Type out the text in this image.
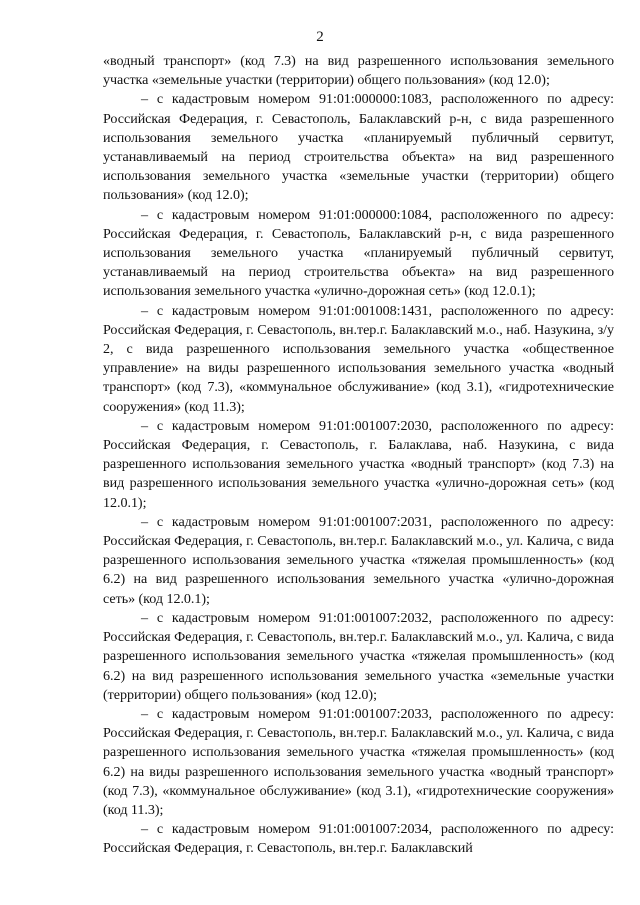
2

«водный транспорт» (код 7.3) на вид разрешенного использования земельного участка «земельные участки (территории) общего пользования» (код 12.0);

– с кадастровым номером 91:01:000000:1083, расположенного по адресу: Российская Федерация, г. Севастополь, Балаклавский р-н, с вида разрешенного использования земельного участка «планируемый публичный сервитут, устанавливаемый на период строительства объекта» на вид разрешенного использования земельного участка «земельные участки (территории) общего пользования» (код 12.0);

– с кадастровым номером 91:01:000000:1084, расположенного по адресу: Российская Федерация, г. Севастополь, Балаклавский р-н, с вида разрешенного использования земельного участка «планируемый публичный сервитут, устанавливаемый на период строительства объекта» на вид разрешенного использования земельного участка «улично-дорожная сеть» (код 12.0.1);

– с кадастровым номером 91:01:001008:1431, расположенного по адресу: Российская Федерация, г. Севастополь, вн.тер.г. Балаклавский м.о., наб. Назукина, з/у 2, с вида разрешенного использования земельного участка «общественное управление» на виды разрешенного использования земельного участка «водный транспорт» (код 7.3), «коммунальное обслуживание» (код 3.1), «гидротехнические сооружения» (код 11.3);

– с кадастровым номером 91:01:001007:2030, расположенного по адресу: Российская Федерация, г. Севастополь, г. Балаклава, наб. Назукина, с вида разрешенного использования земельного участка «водный транспорт» (код 7.3) на вид разрешенного использования земельного участка «улично-дорожная сеть» (код 12.0.1);

– с кадастровым номером 91:01:001007:2031, расположенного по адресу: Российская Федерация, г. Севастополь, вн.тер.г. Балаклавский м.о., ул. Калича, с вида разрешенного использования земельного участка «тяжелая промышленность» (код 6.2) на вид разрешенного использования земельного участка «улично-дорожная сеть» (код 12.0.1);

– с кадастровым номером 91:01:001007:2032, расположенного по адресу: Российская Федерация, г. Севастополь, вн.тер.г. Балаклавский м.о., ул. Калича, с вида разрешенного использования земельного участка «тяжелая промышленность» (код 6.2) на вид разрешенного использования земельного участка «земельные участки (территории) общего пользования» (код 12.0);

– с кадастровым номером 91:01:001007:2033, расположенного по адресу: Российская Федерация, г. Севастополь, вн.тер.г. Балаклавский м.о., ул. Калича, с вида разрешенного использования земельного участка «тяжелая промышленность» (код 6.2) на виды разрешенного использования земельного участка «водный транспорт» (код 7.3), «коммунальное обслуживание» (код 3.1), «гидротехнические сооружения» (код 11.3);

– с кадастровым номером 91:01:001007:2034, расположенного по адресу: Российская Федерация, г. Севастополь, вн.тер.г. Балаклавский
